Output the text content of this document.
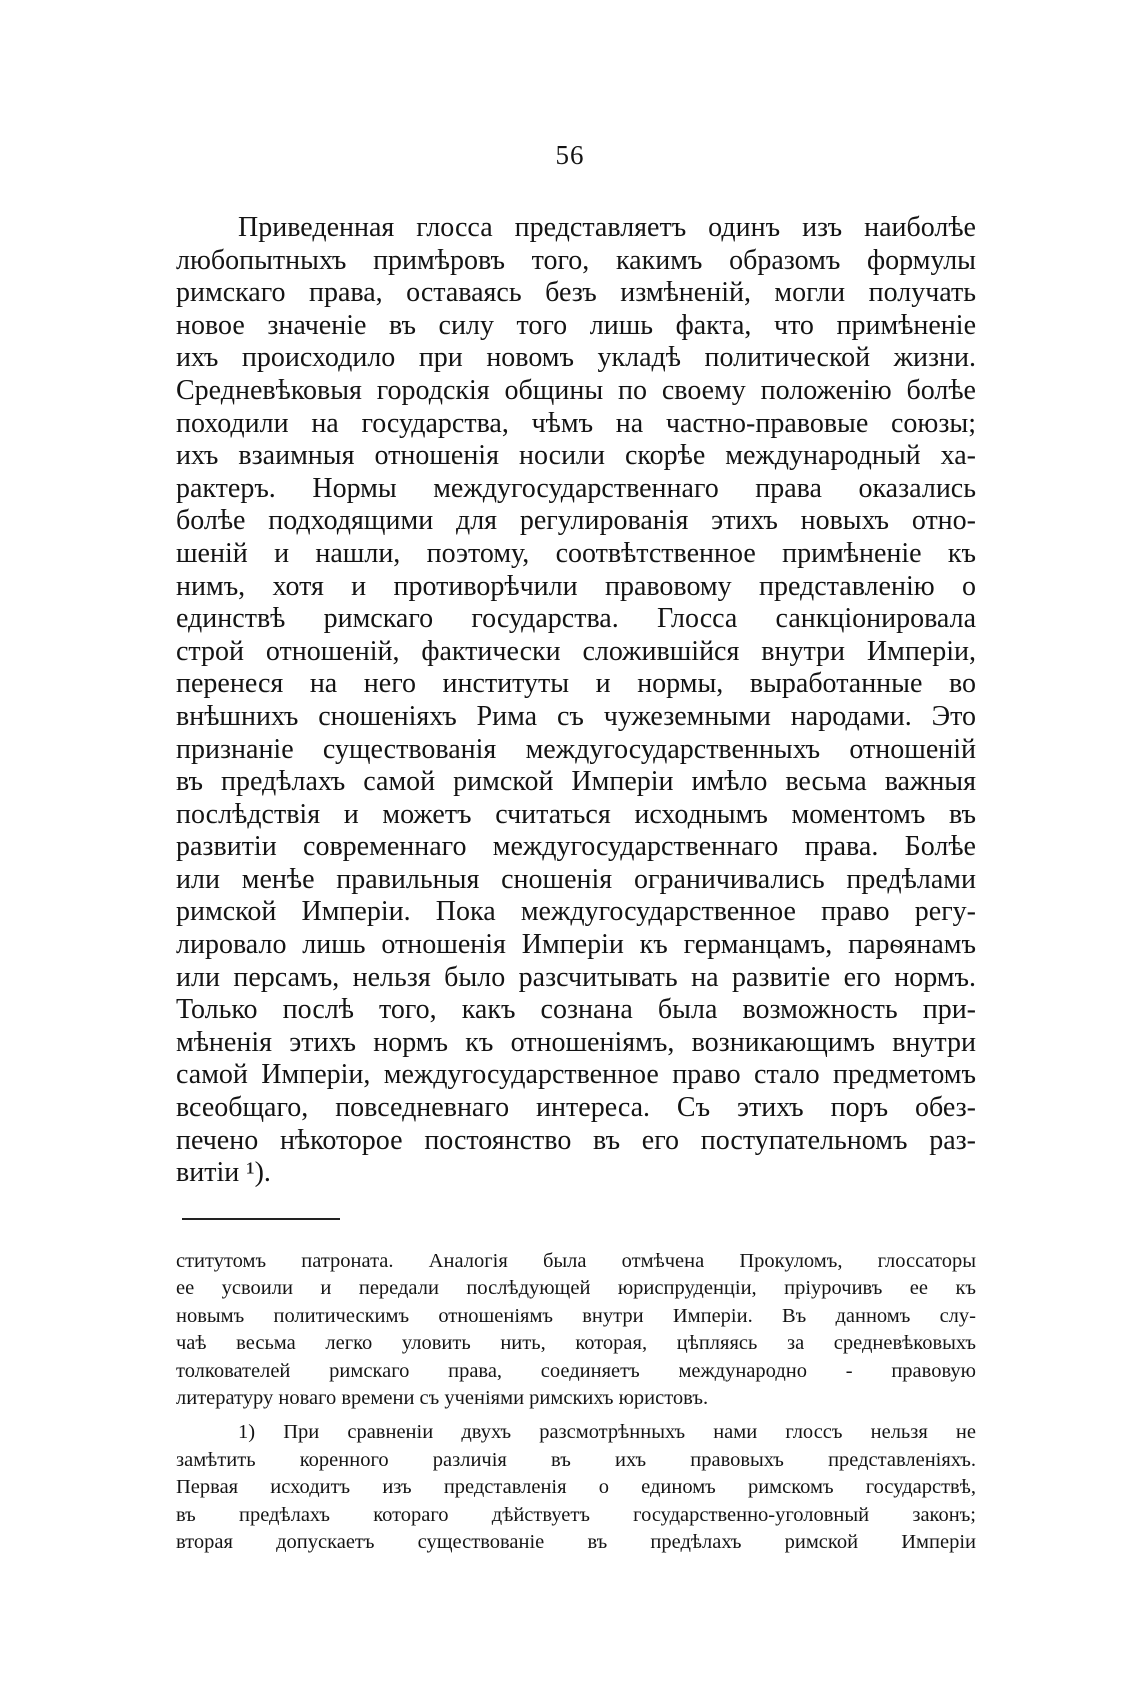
56
Приведенная глосса представляетъ одинъ изъ наиболѣе
любопытныхъ примѣровъ того, какимъ образомъ формулы
римскаго права, оставаясь безъ измѣненій, могли получать
новое значеніе въ силу того лишь факта, что примѣненіе
ихъ происходило при новомъ укладѣ политической жизни.
Средневѣковыя городскія общины по своему положенію болѣе
походили на государства, чѣмъ на частно-правовые союзы;
ихъ взаимныя отношенія носили скорѣе международный ха-
рактеръ. Нормы междугосударственнаго права оказались
болѣе подходящими для регулированія этихъ новыхъ отно-
шеній и нашли, поэтому, соотвѣтственное примѣненіе къ
нимъ, хотя и противорѣчили правовому представленію о
единствѣ римскаго государства. Глосса санкціонировала
строй отношеній, фактически сложившійся внутри Имперіи,
перенеся на него институты и нормы, выработанные во
внѣшнихъ сношеніяхъ Рима съ чужеземными народами. Это
признаніе существованія междугосударственныхъ отношеній
въ предѣлахъ самой римской Имперіи имѣло весьма важныя
послѣдствія и можетъ считаться исходнымъ моментомъ въ
развитіи современнаго междугосударственнаго права. Болѣе
или менѣе правильныя сношенія ограничивались предѣлами
римской Имперіи. Пока междугосударственное право регу-
лировало лишь отношенія Имперіи къ германцамъ, парѳянамъ
или персамъ, нельзя было разсчитывать на развитіе его нормъ.
Только послѣ того, какъ сознана была возможность при-
мѣненія этихъ нормъ къ отношеніямъ, возникающимъ внутри
самой Имперіи, междугосударственное право стало предметомъ
всеобщаго, повседневнаго интереса. Съ этихъ поръ обез-
печено нѣкоторое постоянство въ его поступательномъ раз-
витіи ¹).
ститутомъ патроната. Аналогія была отмѣчена Прокуломъ, глоссаторы
ее усвоили и передали послѣдующей юриспруденціи, пріурочивъ ее къ
новымъ политическимъ отношеніямъ внутри Имперіи. Въ данномъ слу-
чаѣ весьма легко уловить нить, которая, цѣпляясь за средневѣковыхъ
толкователей римскаго права, соединяетъ международно - правовую
литературу новаго времени съ ученіями римскихъ юристовъ.
1) При сравненіи двухъ разсмотрѣнныхъ нами глоссъ нельзя не
замѣтить коренного различія въ ихъ правовыхъ представленіяхъ.
Первая исходитъ изъ представленія о единомъ римскомъ государствѣ,
въ предѣлахъ котораго дѣйствуетъ государственно-уголовный законъ;
вторая допускаетъ существованіе въ предѣлахъ римской Имперіи
